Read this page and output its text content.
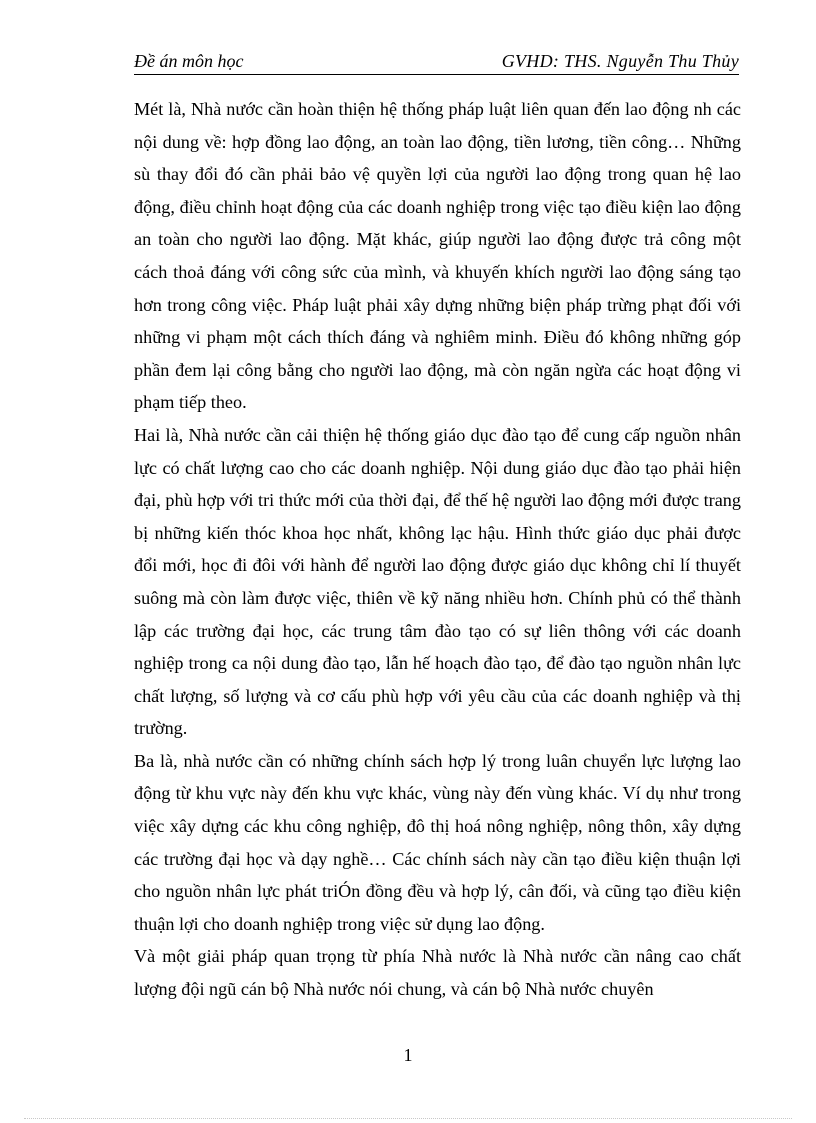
Đề án môn học	GVHD: THS. Nguyễn Thu Thủy

Mét là, Nhà nước cần hoàn thiện hệ thống pháp luật liên quan đến lao động nh các nội dung về: hợp đồng lao động, an toàn lao động, tiền lương, tiền công… Những sù thay đổi đó cần phải bảo vệ quyền lợi của người lao động trong quan hệ lao động, điều chỉnh hoạt động của các doanh nghiệp trong việc tạo điều kiện lao động an toàn cho người lao động. Mặt khác, giúp người lao động được trả công một cách thoả đáng với công sức của mình, và khuyến khích người lao động sáng tạo hơn trong công việc. Pháp luật phải xây dựng những biện pháp trừng phạt đối với những vi phạm một cách thích đáng và nghiêm minh. Điều đó không những góp phần đem lại công bằng cho người lao động, mà còn ngăn ngừa các hoạt động vi phạm tiếp theo.

Hai là, Nhà nước cần cải thiện hệ thống giáo dục đào tạo để cung cấp nguồn nhân lực có chất lượng cao cho các doanh nghiệp. Nội dung giáo dục đào tạo phải hiện đại, phù hợp với tri thức mới của thời đại, để thế hệ người lao động mới được trang bị những kiến thóc khoa học nhất, không lạc hậu. Hình thức giáo dục phải được đổi mới, học đi đôi với hành để người lao động được giáo dục không chỉ lí thuyết suông mà còn làm được việc, thiên về kỹ năng nhiều hơn. Chính phủ có thể thành lập các trường đại học, các trung tâm đào tạo có sự liên thông với các doanh nghiệp trong ca nội dung đào tạo, lẫn hế hoạch đào tạo, để đào tạo nguồn nhân lực chất lượng, số lượng và cơ cấu phù hợp với yêu cầu của các doanh nghiệp và thị trường.

Ba là, nhà nước cần có những chính sách hợp lý trong luân chuyển lực lượng lao động từ khu vực này đến khu vực khác, vùng này đến vùng khác. Ví dụ như trong việc xây dựng các khu công nghiệp, đô thị hoá nông nghiệp, nông thôn, xây dựng các trường đại học và dạy nghề… Các chính sách này cần tạo điều kiện thuận lợi cho nguồn nhân lực phát triÓn đồng đều và hợp lý, cân đối, và cũng tạo điều kiện thuận lợi cho doanh nghiệp trong việc sử dụng lao động.

Và một giải pháp quan trọng từ phía Nhà nước là Nhà nước cần nâng cao chất lượng đội ngũ cán bộ Nhà nước nói chung, và cán bộ Nhà nước chuyên

1
